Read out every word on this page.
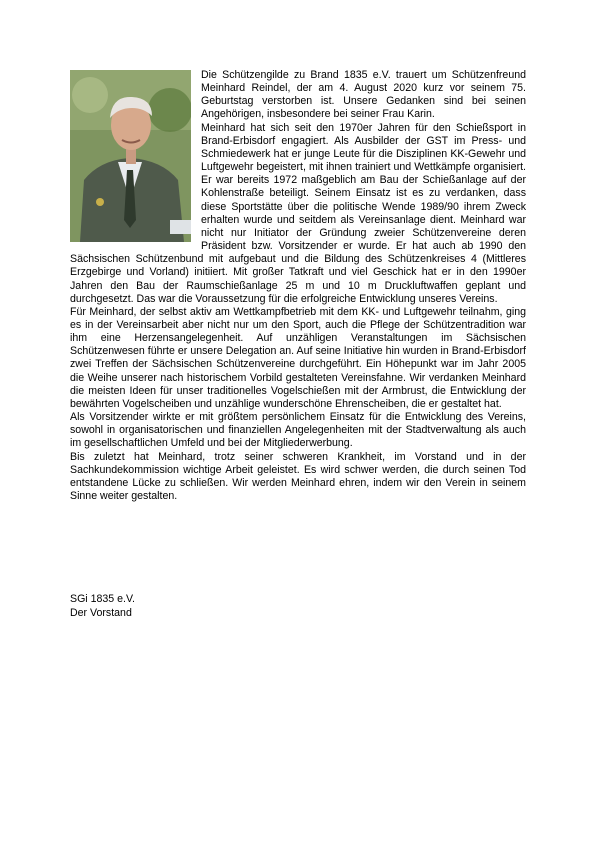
Die Schützengilde zu Brand 1835 e.V. trauert um Schützenfreund Meinhard Reindel, der am 4. August 2020 kurz vor seinem 75. Geburtstag verstorben ist. Unsere Gedanken sind bei seinen Angehörigen, insbesondere bei seiner Frau Karin.

Meinhard hat sich seit den 1970er Jahren für den Schießsport in Brand-Erbisdorf engagiert. Als Ausbilder der GST im Press- und Schmiedewerk hat er junge Leute für die Disziplinen KK-Gewehr und Luftgewehr begeistert, mit ihnen trainiert und Wettkämpfe organisiert. Er war bereits 1972 maßgeblich am Bau der Schießanlage auf der Kohlenstraße beteiligt. Seinem Einsatz ist es zu verdanken, dass diese Sportstätte über die politische Wende 1989/90 ihrem Zweck erhalten wurde und seitdem als Vereinsanlage dient. Meinhard war nicht nur Initiator der Gründung zweier Schützenvereine deren Präsident bzw. Vorsitzender er wurde. Er hat auch ab 1990 den Sächsischen Schützenbund mit aufgebaut und die Bildung des Schützenkreises 4 (Mittleres Erzgebirge und Vorland) initiiert. Mit großer Tatkraft und viel Geschick hat er in den 1990er Jahren den Bau der Raumschießanlage 25 m und 10 m Druckluftwaffen geplant und durchgesetzt. Das war die Voraussetzung für die erfolgreiche Entwicklung unseres Vereins.

Für Meinhard, der selbst aktiv am Wettkampfbetrieb mit dem KK- und Luftgewehr teilnahm, ging es in der Vereinsarbeit aber nicht nur um den Sport, auch die Pflege der Schützentradition war ihm eine Herzensangelegenheit. Auf unzähligen Veranstaltungen im Sächsischen Schützenwesen führte er unsere Delegation an. Auf seine Initiative hin wurden in Brand-Erbisdorf zwei Treffen der Sächsischen Schützenvereine durchgeführt. Ein Höhepunkt war im Jahr 2005 die Weihe unserer nach historischem Vorbild gestalteten Vereinsfahne. Wir verdanken Meinhard die meisten Ideen für unser traditionelles Vogelschießen mit der Armbrust, die Entwicklung der bewährten Vogelscheiben und unzählige wunderschöne Ehrenscheiben, die er gestaltet hat.

Als Vorsitzender wirkte er mit größtem persönlichem Einsatz für die Entwicklung des Vereins, sowohl in organisatorischen und finanziellen Angelegenheiten mit der Stadtverwaltung als auch im gesellschaftlichen Umfeld und bei der Mitgliederwerbung.

Bis zuletzt hat Meinhard, trotz seiner schweren Krankheit, im Vorstand und in der Sachkundekommission wichtige Arbeit geleistet. Es wird schwer werden, die durch seinen Tod entstandene Lücke zu schließen. Wir werden Meinhard ehren, indem wir den Verein in seinem Sinne weiter gestalten.

SGi 1835 e.V.
Der Vorstand
